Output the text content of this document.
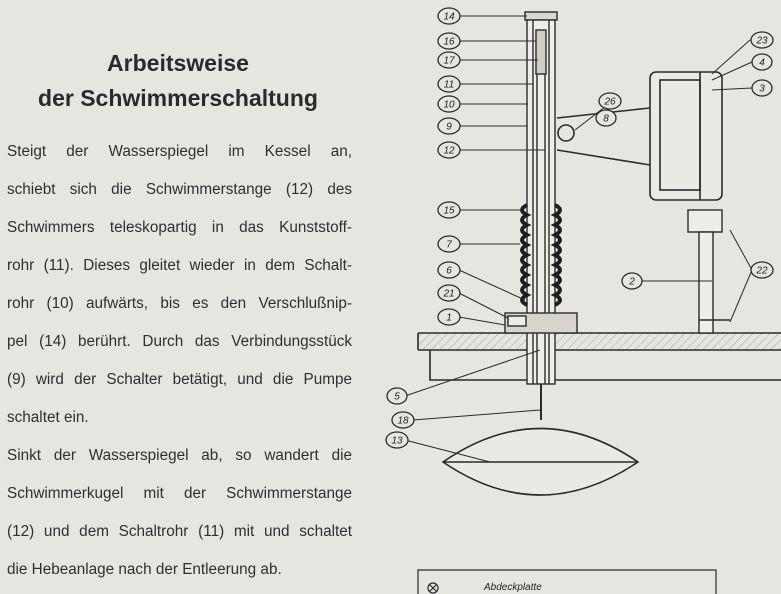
Arbeitsweise
der Schwimmerschaltung
Steigt der Wasserspiegel im Kessel an,
schiebt sich die Schwimmerstange (12) des
Schwimmers teleskopartig in das Kunststoff-
rohr (11). Dieses gleitet wieder in dem Schalt-
rohr (10) aufwärts, bis es den Verschlußnip-
pel (14) berührt. Durch das Verbindungsstück
(9) wird der Schalter betätigt, und die Pumpe
schaltet ein.
Sinkt der Wasserspiegel ab, so wandert die
Schwimmerkugel mit der Schwimmerstange
(12) und dem Schaltrohr (11) mit und schaltet
die Hebeanlage nach der Entleerung ab.
14
16
17
11
10
9
12
15
7
6
21
1
5
18
13
23
4
3
26
8
2
22
Abdeckplatte
